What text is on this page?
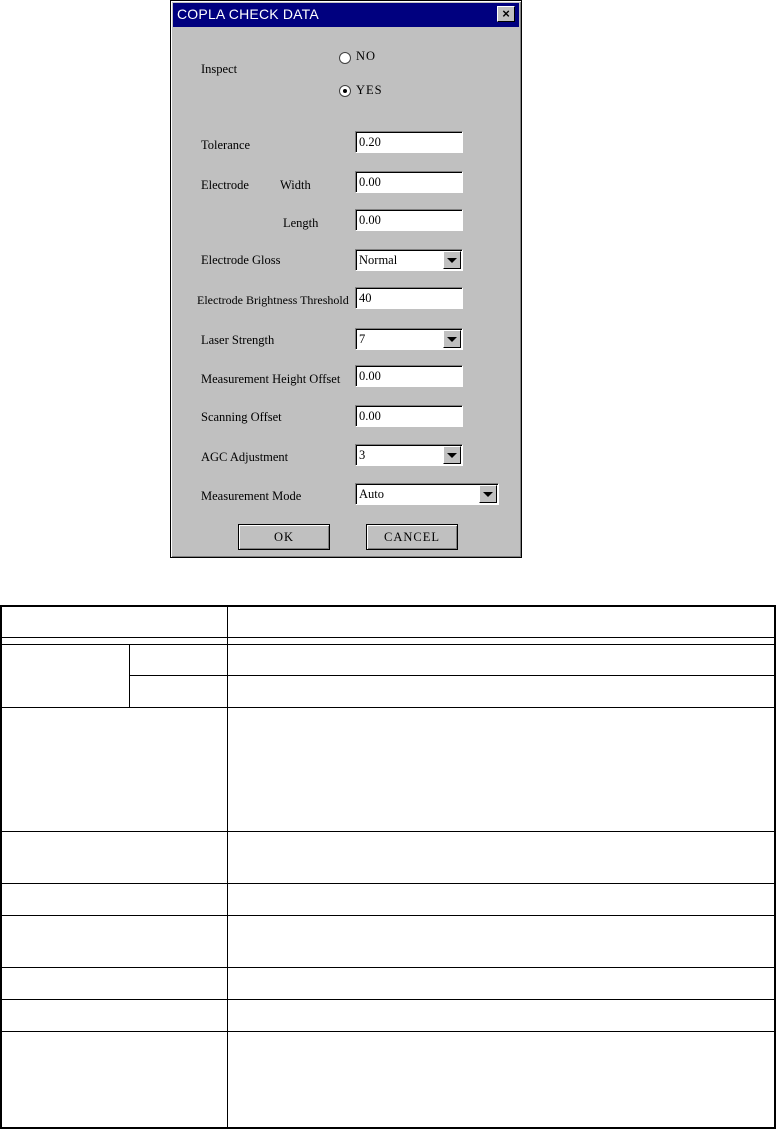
COPLA CHECK DATA	×
Inspect
NO
YES
Tolerance	0.20
Electrode Width	0.00
Length	0.00
Electrode Gloss	Normal
Electrode Brightness Threshold 40
Laser Strength	7
Measurement Height Offset	0.00
Scanning Offset	0.00
AGC Adjustment	3
Measurement Mode	Auto
OK	CANCEL
